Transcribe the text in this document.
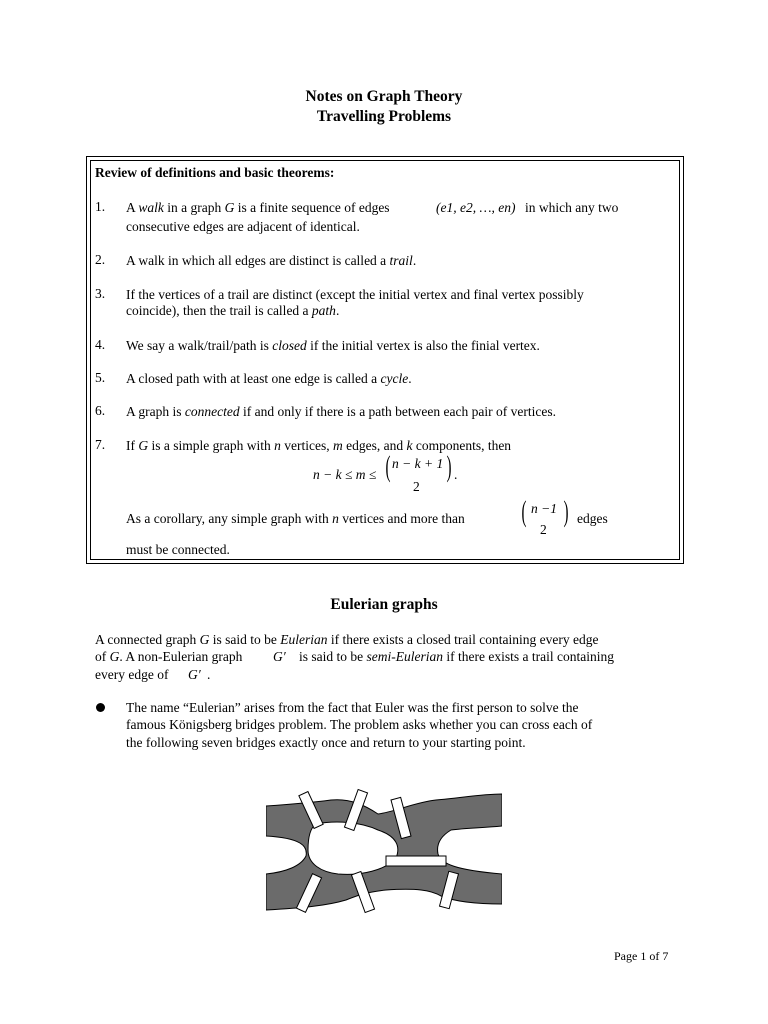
Notes on Graph Theory
Travelling Problems
Review of definitions and basic theorems:
1. A walk in a graph G is a finite sequence of edges	(e1, e2, …, en) in which any two
consecutive edges are adjacent of identical.
2. A walk in which all edges are distinct is called a trail.
3. If the vertices of a trail are distinct (except the initial vertex and final vertex possibly
coincide), then the trail is called a path.
4. We say a walk/trail/path is closed if the initial vertex is also the finial vertex.
5. A closed path with at least one edge is called a cycle.
6. A graph is connected if and only if there is a path between each pair of vertices.
7. If G is a simple graph with n vertices, m edges, and k components, then
n − k ≤ m ≤ ( n − k + 1
2
) .
As a corollary, any simple graph with n vertices and more than ( n −1
2
) edges
must be connected.
Eulerian graphs
A connected graph G is said to be Eulerian if there exists a closed trail containing every edge
of G. A non-Eulerian graph G′ is said to be semi-Eulerian if there exists a trail containing
every edge of G′ .
The name “Eulerian” arises from the fact that Euler was the first person to solve the
famous Königsberg bridges problem. The problem asks whether you can cross each of
the following seven bridges exactly once and return to your starting point.
Page 1 of 7
